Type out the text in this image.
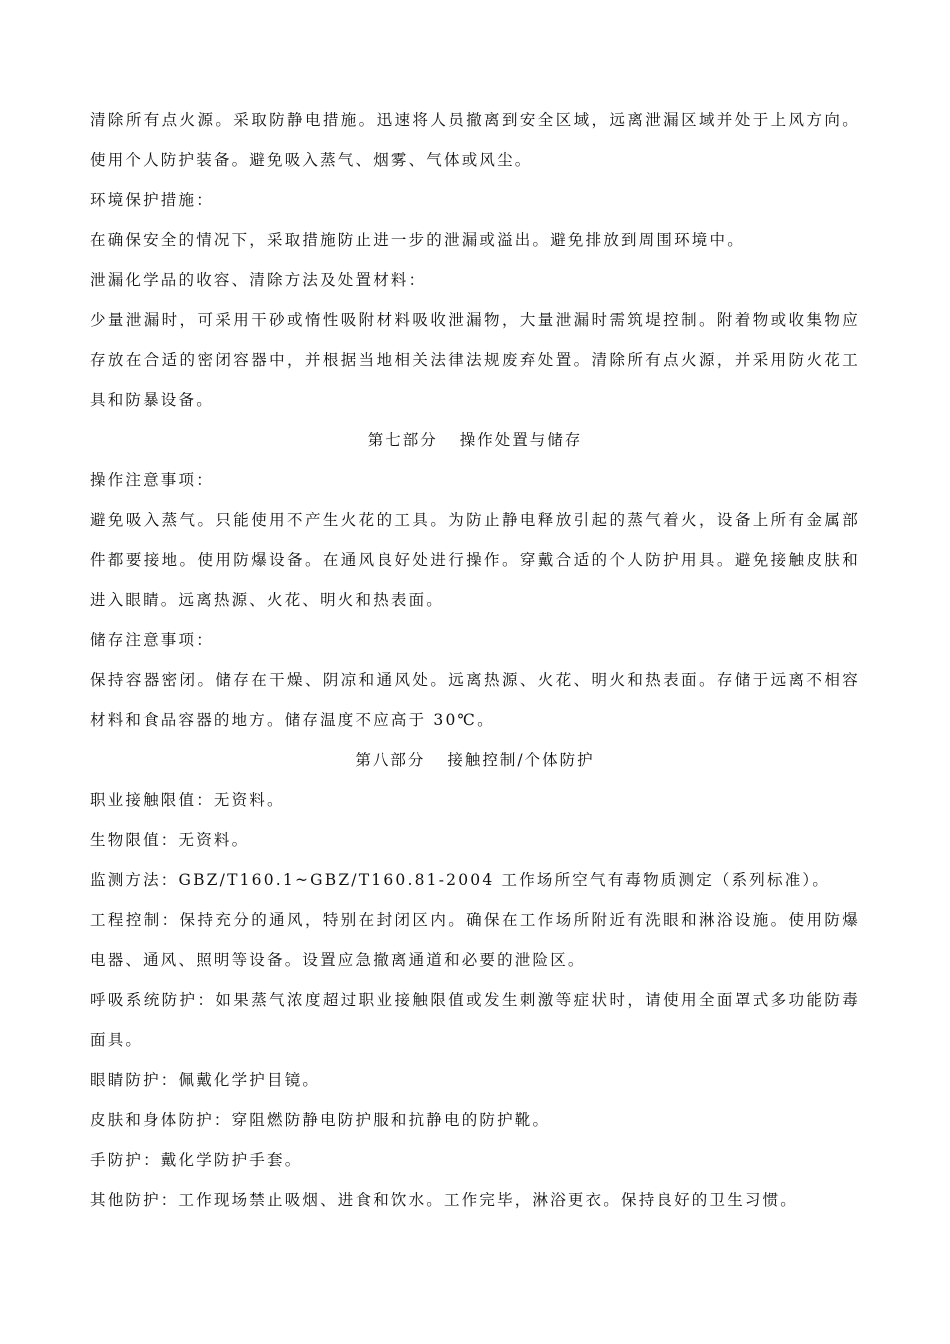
清除所有点火源。采取防静电措施。迅速将人员撤离到安全区域，远离泄漏区域并处于上风方向。使用个人防护装备。避免吸入蒸气、烟雾、气体或风尘。

环境保护措施：

在确保安全的情况下，采取措施防止进一步的泄漏或溢出。避免排放到周围环境中。

泄漏化学品的收容、清除方法及处置材料：

少量泄漏时，可采用干砂或惰性吸附材料吸收泄漏物，大量泄漏时需筑堤控制。附着物或收集物应存放在合适的密闭容器中，并根据当地相关法律法规废弃处置。清除所有点火源，并采用防火花工具和防暴设备。

第七部分 操作处置与储存

操作注意事项：

避免吸入蒸气。只能使用不产生火花的工具。为防止静电释放引起的蒸气着火，设备上所有金属部件都要接地。使用防爆设备。在通风良好处进行操作。穿戴合适的个人防护用具。避免接触皮肤和进入眼睛。远离热源、火花、明火和热表面。

储存注意事项：

保持容器密闭。储存在干燥、阴凉和通风处。远离热源、火花、明火和热表面。存储于远离不相容材料和食品容器的地方。储存温度不应高于 30℃。

第八部分 接触控制/个体防护

职业接触限值：无资料。

生物限值：无资料。

监测方法：GBZ/T160.1~GBZ/T160.81-2004 工作场所空气有毒物质测定（系列标准）。

工程控制：保持充分的通风，特别在封闭区内。确保在工作场所附近有洗眼和淋浴设施。使用防爆电器、通风、照明等设备。设置应急撤离通道和必要的泄险区。

呼吸系统防护：如果蒸气浓度超过职业接触限值或发生刺激等症状时，请使用全面罩式多功能防毒面具。

眼睛防护：佩戴化学护目镜。

皮肤和身体防护：穿阻燃防静电防护服和抗静电的防护靴。

手防护：戴化学防护手套。

其他防护：工作现场禁止吸烟、进食和饮水。工作完毕，淋浴更衣。保持良好的卫生习惯。
